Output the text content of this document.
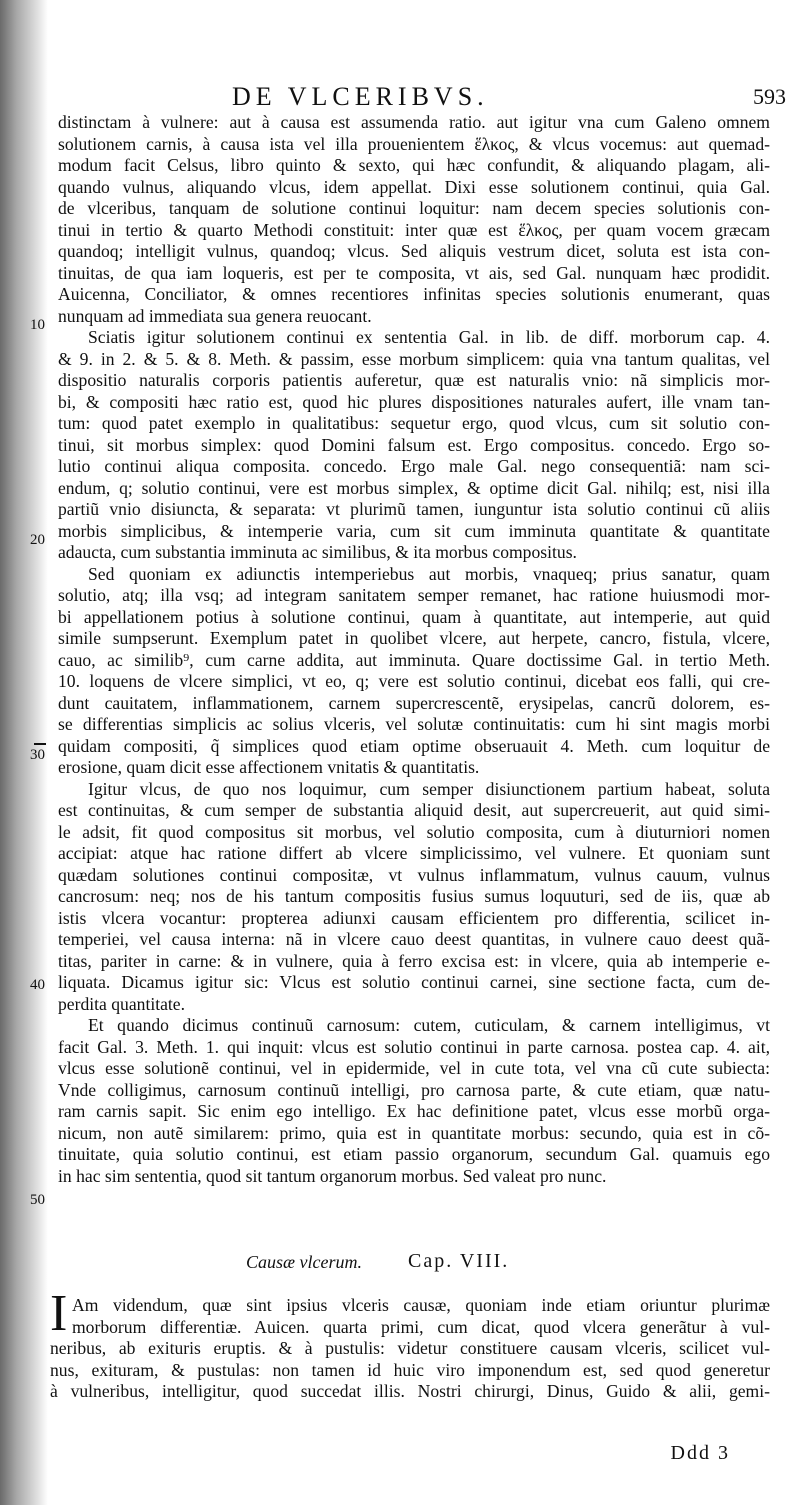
DE VLCERIBVS.	593
distinctam à vulnere: aut à causa est assumenda ratio. aut igitur vna cum Galeno omnem
solutionem carnis, à causa ista vel illa prouenientem ἕλκος, & vlcus vocemus: aut quemad-
modum facit Celsus, libro quinto & sexto, qui hæc confundit, & aliquando plagam, ali-
quando vulnus, aliquando vlcus, idem appellat. Dixi esse solutionem continui, quia Gal.
de vlceribus, tanquam de solutione continui loquitur: nam decem species solutionis con-
tinui in tertio & quarto Methodi constituit: inter quæ est ἕλκος, per quam vocem græcam
quandoq; intelligit vulnus, quandoq; vlcus. Sed aliquis vestrum dicet, soluta est ista con-
tinuitas, de qua iam loqueris, est per te composita, vt ais, sed Gal. nunquam hæc prodidit.
Auicenna, Conciliator, & omnes recentiores infinitas species solutionis enumerant, quas
nunquam ad immediata sua genera reuocant.
Sciatis igitur solutionem continui ex sententia Gal. in lib. de diff. morborum cap. 4.
& 9. in 2. & 5. & 8. Meth. & passim, esse morbum simplicem: quia vna tantum qualitas, vel
dispositio naturalis corporis patientis auferetur, quæ est naturalis vnio: nã simplicis mor-
bi, & compositi hæc ratio est, quod hic plures dispositiones naturales aufert, ille vnam tan-
tum: quod patet exemplo in qualitatibus: sequetur ergo, quod vlcus, cum sit solutio con-
tinui, sit morbus simplex: quod Domini falsum est. Ergo compositus. concedo. Ergo so-
lutio continui aliqua composita. concedo. Ergo male Gal. nego consequentiã: nam sci-
endum, q; solutio continui, vere est morbus simplex, & optime dicit Gal. nihilq; est, nisi illa
partiũ vnio disiuncta, & separata: vt plurimũ tamen, iunguntur ista solutio continui cũ aliis
morbis simplicibus, & intemperie varia, cum sit cum imminuta quantitate & quantitate
adaucta, cum substantia imminuta ac similibus, & ita morbus compositus.
Sed quoniam ex adiunctis intemperiebus aut morbis, vnaqueq; prius sanatur, quam
solutio, atq; illa vsq; ad integram sanitatem semper remanet, hac ratione huiusmodi mor-
bi appellationem potius à solutione continui, quam à quantitate, aut intemperie, aut quid
simile sumpserunt. Exemplum patet in quolibet vlcere, aut herpete, cancro, fistula, vlcere,
cauo, ac similib⁹, cum carne addita, aut imminuta. Quare doctissime Gal. in tertio Meth.
10. loquens de vlcere simplici, vt eo, q; vere est solutio continui, dicebat eos falli, qui cre-
dunt cauitatem, inflammationem, carnem supercrescentẽ, erysipelas, cancrũ dolorem, es-
se differentias simplicis ac solius vlceris, vel solutæ continuitatis: cum hi sint magis morbi
quidam compositi, q̃ simplices quod etiam optime obseruauit 4. Meth. cum loquitur de
erosione, quam dicit esse affectionem vnitatis & quantitatis.
Igitur vlcus, de quo nos loquimur, cum semper disiunctionem partium habeat, soluta
est continuitas, & cum semper de substantia aliquid desit, aut supercreuerit, aut quid simi-
le adsit, fit quod compositus sit morbus, vel solutio composita, cum à diuturniori nomen
accipiat: atque hac ratione differt ab vlcere simplicissimo, vel vulnere. Et quoniam sunt
quædam solutiones continui compositæ, vt vulnus inflammatum, vulnus cauum, vulnus
cancrosum: neq; nos de his tantum compositis fusius sumus loquuturi, sed de iis, quæ ab
istis vlcera vocantur: propterea adiunxi causam efficientem pro differentia, scilicet in-
temperiei, vel causa interna: nã in vlcere cauo deest quantitas, in vulnere cauo deest quã-
titas, pariter in carne: & in vulnere, quia à ferro excisa est: in vlcere, quia ab intemperie e-
liquata. Dicamus igitur sic: Vlcus est solutio continui carnei, sine sectione facta, cum de-
perdita quantitate.
Et quando dicimus continuũ carnosum: cutem, cuticulam, & carnem intelligimus, vt
facit Gal. 3. Meth. 1. qui inquit: vlcus est solutio continui in parte carnosa. postea cap. 4. ait,
vlcus esse solutionẽ continui, vel in epidermide, vel in cute tota, vel vna cũ cute subiecta:
Vnde colligimus, carnosum continuũ intelligi, pro carnosa parte, & cute etiam, quæ natu-
ram carnis sapit. Sic enim ego intelligo. Ex hac definitione patet, vlcus esse morbũ orga-
nicum, non autẽ similarem: primo, quia est in quantitate morbus: secundo, quia est in cõ-
tinuitate, quia solutio continui, est etiam passio organorum, secundum Gal. quamuis ego
in hac sim sententia, quod sit tantum organorum morbus. Sed valeat pro nunc.
10
20
30
40
50
Causæ vlcerum. Cap. VIII.
I Am videndum, quæ sint ipsius vlceris causæ, quoniam inde etiam oriuntur plurimæ
morborum differentiæ. Auicen. quarta primi, cum dicat, quod vlcera generãtur à vul-
neribus, ab exituris eruptis. & à pustulis: videtur constituere causam vlceris, scilicet vul-
nus, exituram, & pustulas: non tamen id huic viro imponendum est, sed quod generetur
à vulneribus, intelligitur, quod succedat illis. Nostri chirurgi, Dinus, Guido & alii, gemi-
Ddd 3
